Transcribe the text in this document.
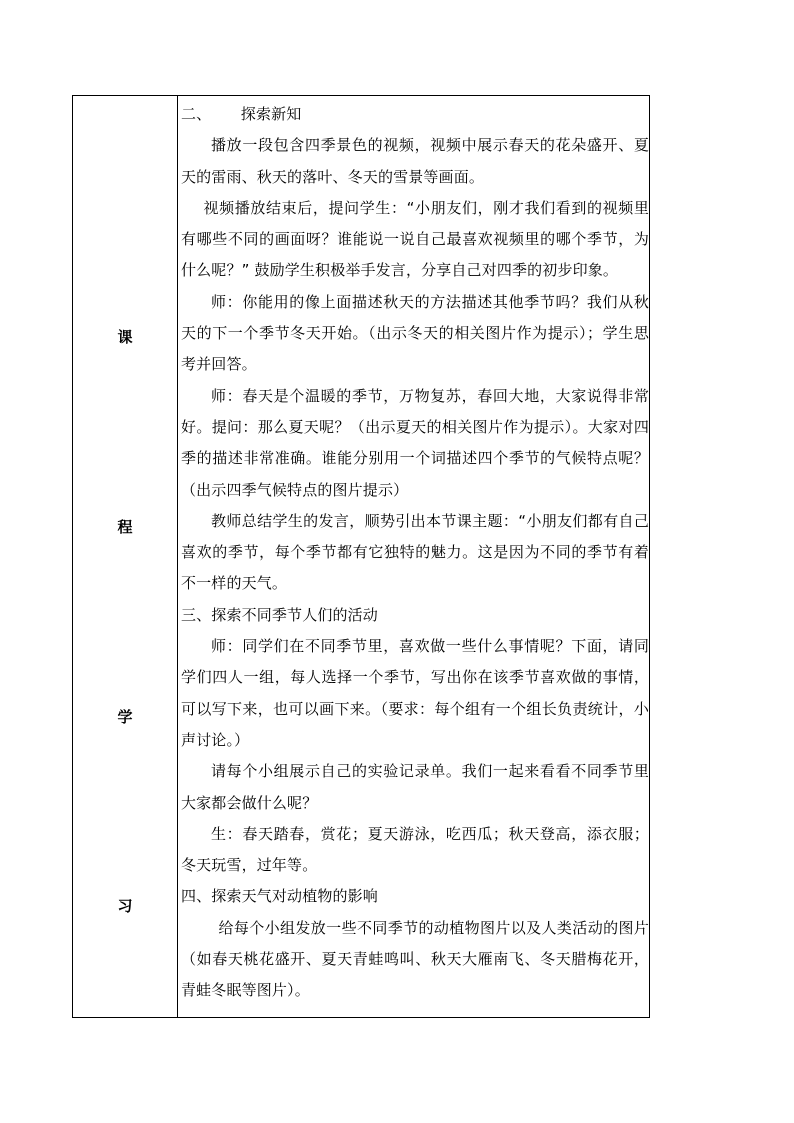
课
程
学
习

二、      探索新知

播放一段包含四季景色的视频，视频中展示春天的花朵盛开、夏天的雷雨、秋天的落叶、冬天的雪景等画面。

视频播放结束后，提问学生：“小朋友们，刚才我们看到的视频里有哪些不同的画面呀？谁能说一说自己最喜欢视频里的哪个季节，为什么呢？” 鼓励学生积极举手发言，分享自己对四季的初步印象。

师：你能用的像上面描述秋天的方法描述其他季节吗？我们从秋天的下一个季节冬天开始。（出示冬天的相关图片作为提示）；学生思考并回答。

师：春天是个温暖的季节，万物复苏，春回大地，大家说得非常好。提问：那么夏天呢？（出示夏天的相关图片作为提示）。大家对四季的描述非常准确。谁能分别用一个词描述四个季节的气候特点呢？（出示四季气候特点的图片提示）

教师总结学生的发言，顺势引出本节课主题：“小朋友们都有自己喜欢的季节，每个季节都有它独特的魅力。这是因为不同的季节有着不一样的天气。

三、探索不同季节人们的活动

师：同学们在不同季节里，喜欢做一些什么事情呢？下面，请同学们四人一组，每人选择一个季节，写出你在该季节喜欢做的事情，可以写下来，也可以画下来。（要求：每个组有一个组长负责统计，小声讨论。）

请每个小组展示自己的实验记录单。我们一起来看看不同季节里大家都会做什么呢？

生：春天踏春，赏花；夏天游泳，吃西瓜；秋天登高，添衣服；冬天玩雪，过年等。

四、探索天气对动植物的影响

给每个小组发放一些不同季节的动植物图片以及人类活动的图片（如春天桃花盛开、夏天青蛙鸣叫、秋天大雁南飞、冬天腊梅花开，青蛙冬眠等图片）。
